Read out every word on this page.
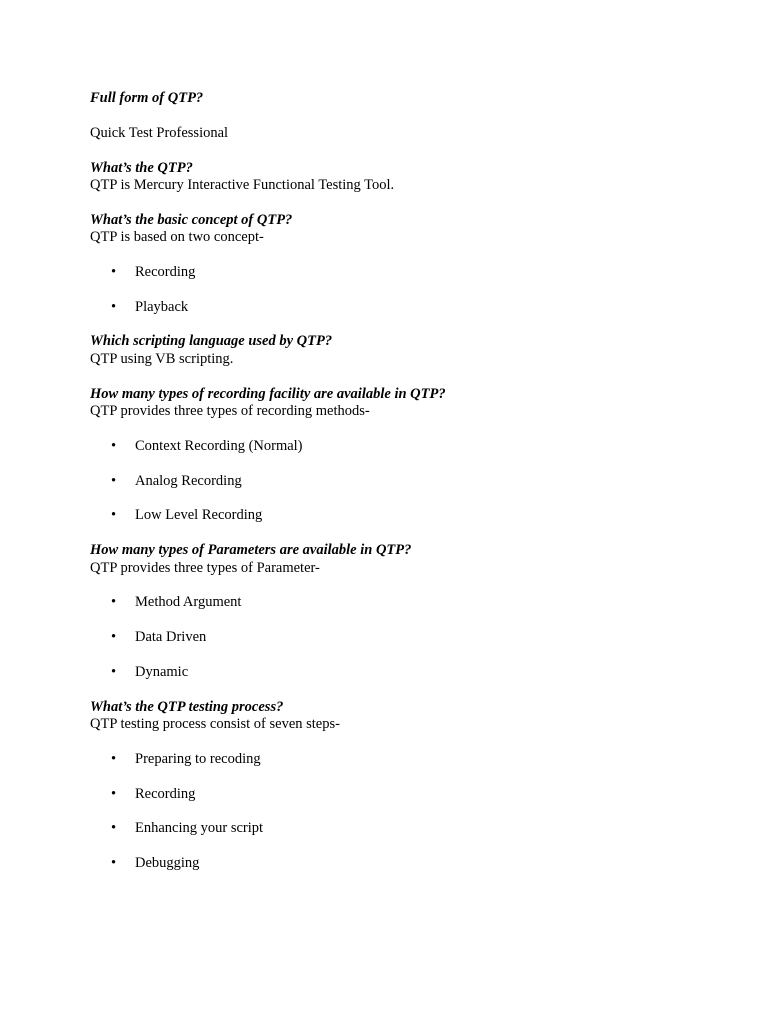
Full form of QTP?
Quick Test Professional
What’s the QTP?
QTP is Mercury Interactive Functional Testing Tool.
What’s the basic concept of QTP?
QTP is based on two concept-
• Recording
• Playback
Which scripting language used by QTP?
QTP using VB scripting.
How many types of recording facility are available in QTP?
QTP provides three types of recording methods-
• Context Recording (Normal)
• Analog Recording
• Low Level Recording
How many types of Parameters are available in QTP?
QTP provides three types of Parameter-
• Method Argument
• Data Driven
• Dynamic
What’s the QTP testing process?
QTP testing process consist of seven steps-
• Preparing to recoding
• Recording
• Enhancing your script
• Debugging
